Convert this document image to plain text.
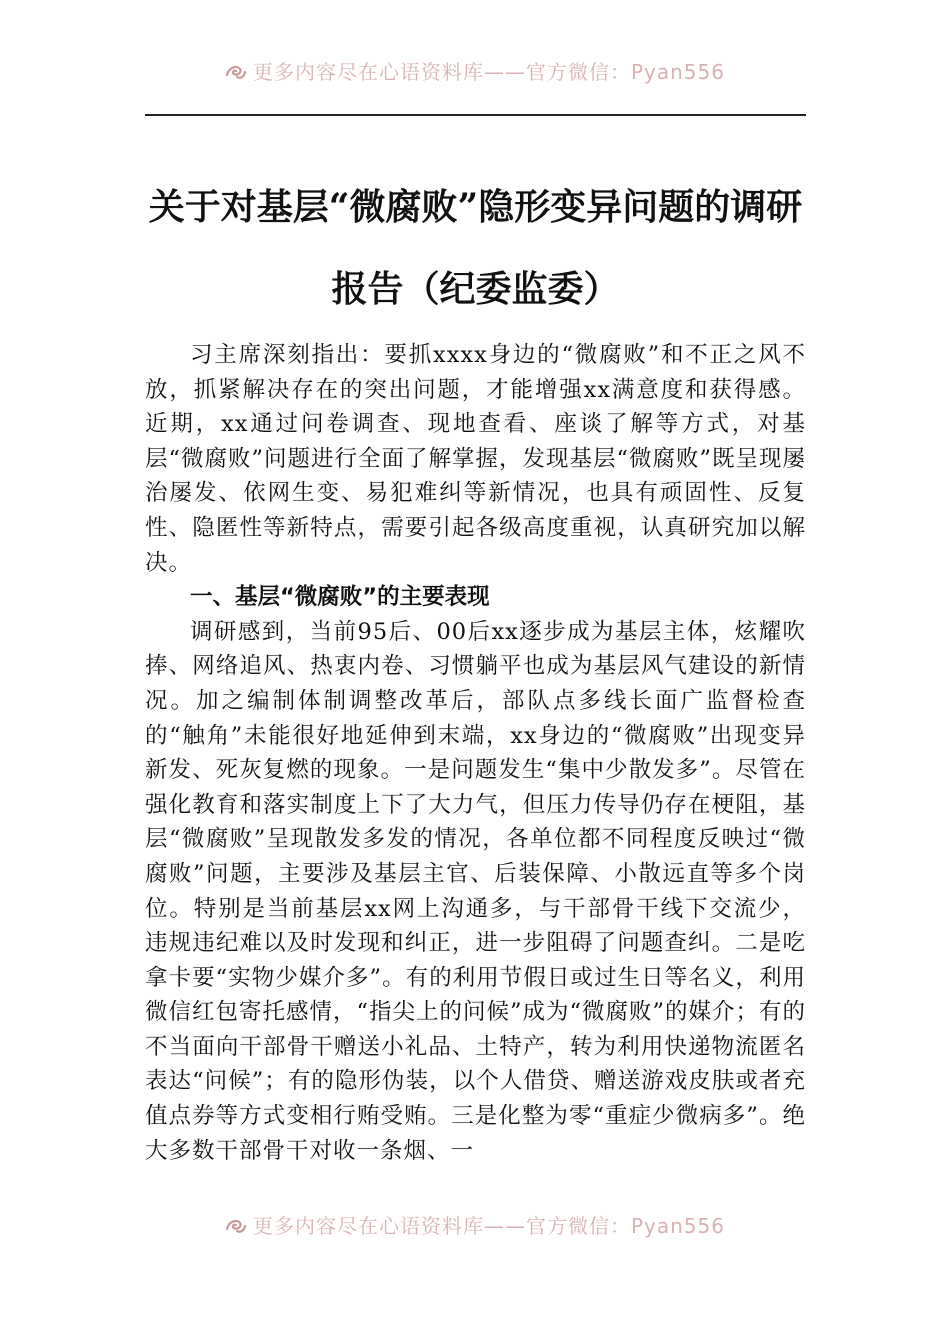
更多内容尽在心语资料库——官方微信：Pyan556
关于对基层“微腐败”隐形变异问题的调研报告（纪委监委）

习主席深刻指出：要抓xxxx身边的“微腐败”和不正之风不放，抓紧解决存在的突出问题，才能增强xx满意度和获得感。近期，xx通过问卷调查、现地查看、座谈了解等方式，对基层“微腐败”问题进行全面了解掌握，发现基层“微腐败”既呈现屡治屡发、依网生变、易犯难纠等新情况，也具有顽固性、反复性、隐匿性等新特点，需要引起各级高度重视，认真研究加以解决。

一、基层“微腐败”的主要表现

调研感到，当前95后、00后xx逐步成为基层主体，炫耀吹捧、网络追风、热衷内卷、习惯躺平也成为基层风气建设的新情况。加之编制体制调整改革后，部队点多线长面广监督检查的“触角”未能很好地延伸到末端，xx身边的“微腐败”出现变异新发、死灰复燃的现象。一是问题发生“集中少散发多”。尽管在强化教育和落实制度上下了大力气，但压力传导仍存在梗阻，基层“微腐败”呈现散发多发的情况，各单位都不同程度反映过“微腐败”问题，主要涉及基层主官、后装保障、小散远直等多个岗位。特别是当前基层xx网上沟通多，与干部骨干线下交流少，违规违纪难以及时发现和纠正，进一步阻碍了问题查纠。二是吃拿卡要“实物少媒介多”。有的利用节假日或过生日等名义，利用微信红包寄托感情，“指尖上的问候”成为“微腐败”的媒介；有的不当面向干部骨干赠送小礼品、土特产，转为利用快递物流匿名表达“问候”；有的隐形伪装，以个人借贷、赠送游戏皮肤或者充值点券等方式变相行贿受贿。三是化整为零“重症少微病多”。绝大多数干部骨干对收一条烟、一

更多内容尽在心语资料库——官方微信：Pyan556
